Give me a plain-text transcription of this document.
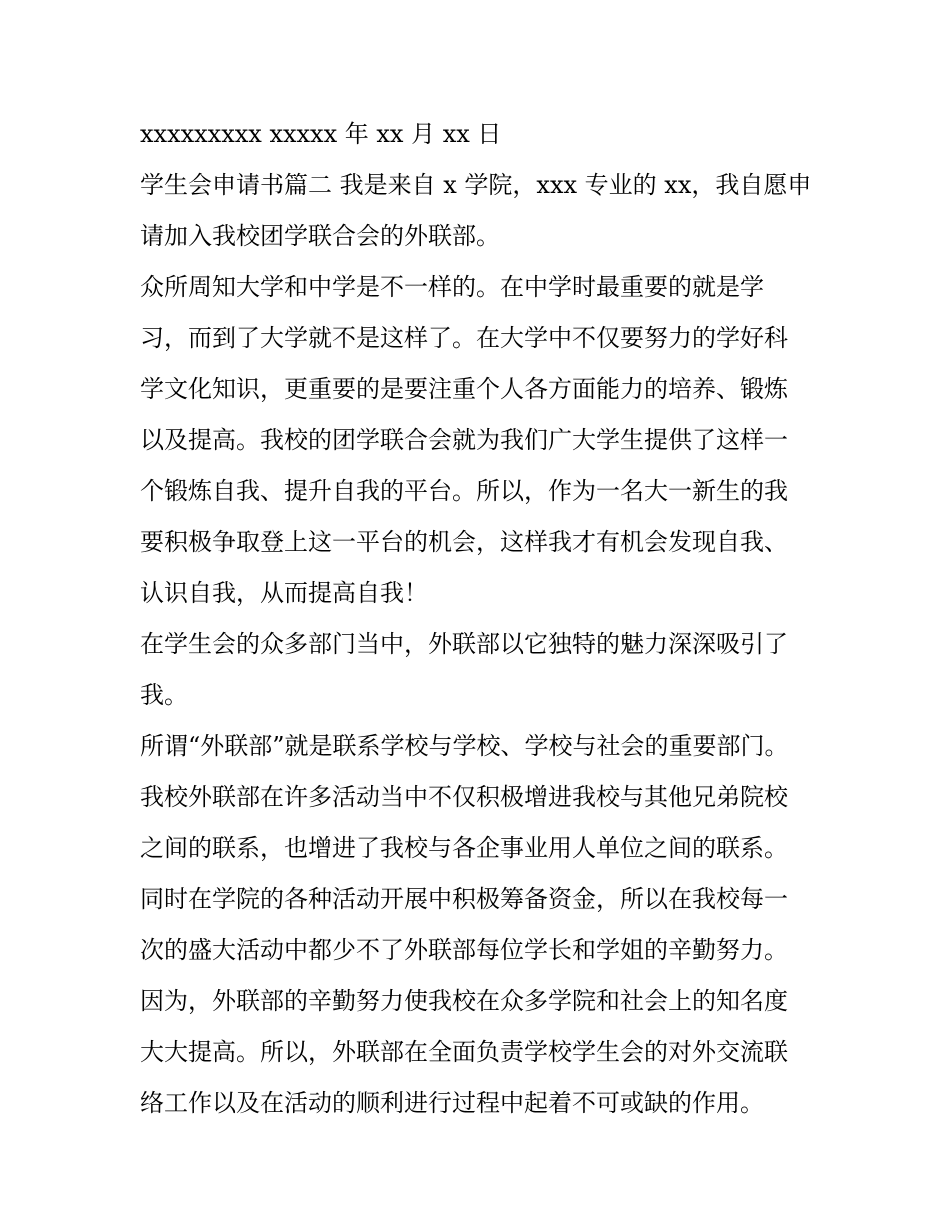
xxxxxxxxx xxxxx 年 xx 月 xx 日
学生会申请书篇二 我是来自 x 学院，xxx 专业的 xx，我自愿申
请加入我校团学联合会的外联部。
众所周知大学和中学是不一样的。在中学时最重要的就是学
习，而到了大学就不是这样了。在大学中不仅要努力的学好科
学文化知识，更重要的是要注重个人各方面能力的培养、锻炼
以及提高。我校的团学联合会就为我们广大学生提供了这样一
个锻炼自我、提升自我的平台。所以，作为一名大一新生的我
要积极争取登上这一平台的机会，这样我才有机会发现自我、
认识自我，从而提高自我！
在学生会的众多部门当中，外联部以它独特的魅力深深吸引了
我。
所谓“外联部”就是联系学校与学校、学校与社会的重要部门。
我校外联部在许多活动当中不仅积极增进我校与其他兄弟院校
之间的联系，也增进了我校与各企事业用人单位之间的联系。
同时在学院的各种活动开展中积极筹备资金，所以在我校每一
次的盛大活动中都少不了外联部每位学长和学姐的辛勤努力。
因为，外联部的辛勤努力使我校在众多学院和社会上的知名度
大大提高。所以，外联部在全面负责学校学生会的对外交流联
络工作以及在活动的顺利进行过程中起着不可或缺的作用。
